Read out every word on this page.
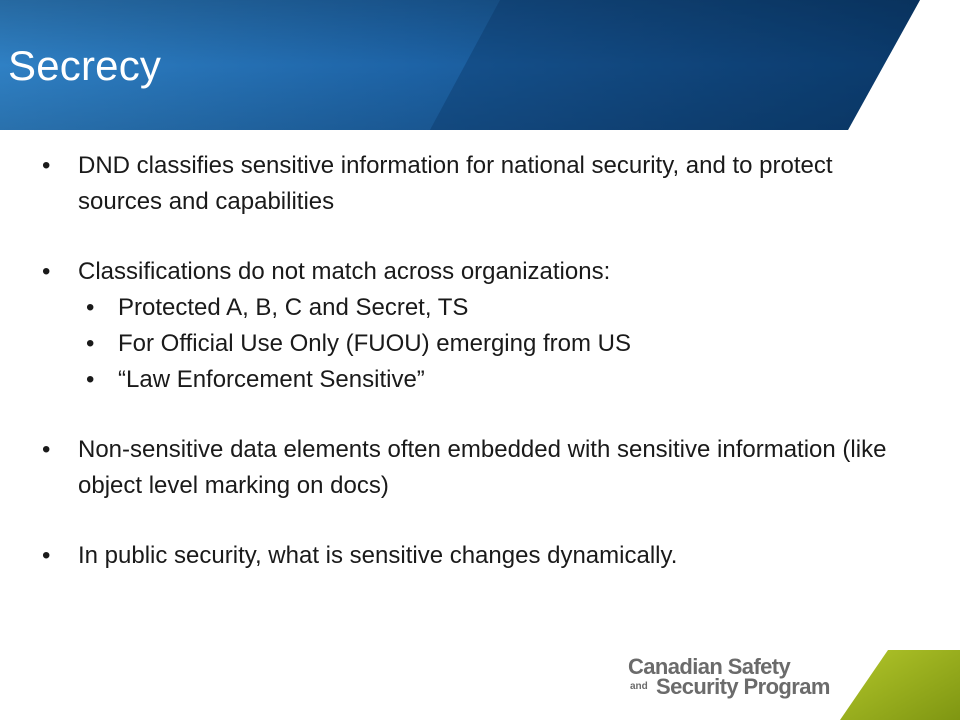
Secrecy
•	DND classifies sensitive information for national security, and to protect sources and capabilities
•	Classifications do not match across organizations:
• Protected A, B, C and Secret, TS
• For Official Use Only (FUOU) emerging from US
• “Law Enforcement Sensitive”
•	Non-sensitive data elements often embedded with sensitive information (like object level marking on docs)
•	In public security, what is sensitive changes dynamically.
Canadian Safety
and Security Program
